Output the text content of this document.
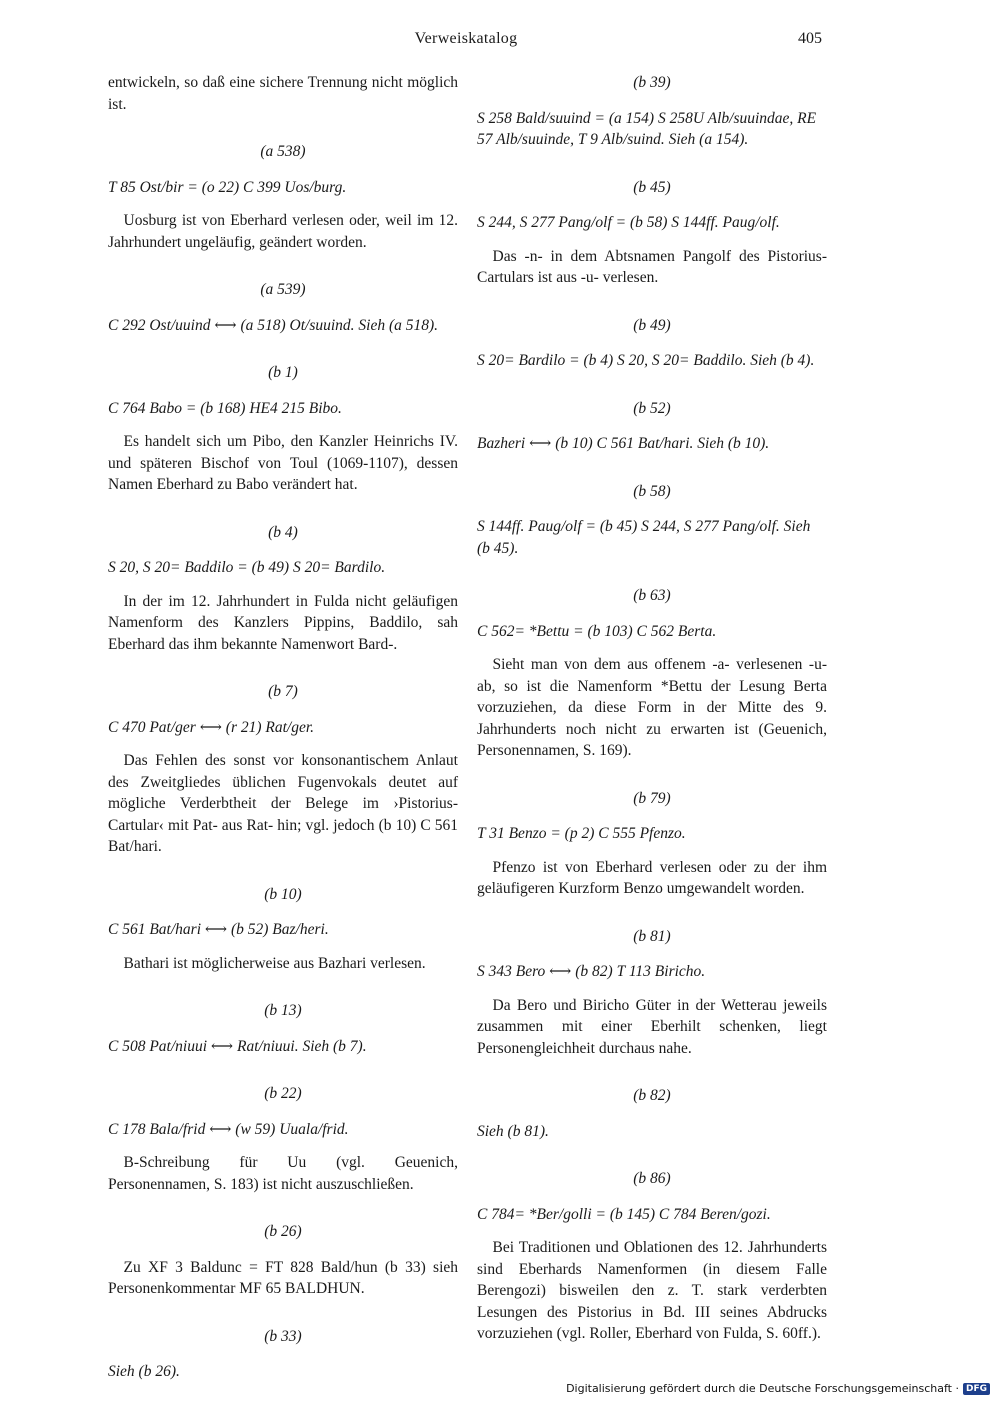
Verweiskatalog	405

entwickeln, so daß eine sichere Trennung nicht möglich ist.

(a 538)

T 85 Ost/bir = (o 22) C 399 Uos/burg.

Uosburg ist von Eberhard verlesen oder, weil im 12. Jahrhundert ungeläufig, geändert worden.

(a 539)

C 292 Ost/uuind ⟷ (a 518) Ot/suuind. Sieh (a 518).

(b 1)

C 764 Babo = (b 168) HE4 215 Bibo.

Es handelt sich um Pibo, den Kanzler Heinrichs IV. und späteren Bischof von Toul (1069-1107), dessen Namen Eberhard zu Babo verändert hat.

(b 4)

S 20, S 20= Baddilo = (b 49) S 20= Bardilo.

In der im 12. Jahrhundert in Fulda nicht geläufigen Namenform des Kanzlers Pippins, Baddilo, sah Eberhard das ihm bekannte Namenwort Bard-.

(b 7)

C 470 Pat/ger ⟷ (r 21) Rat/ger.

Das Fehlen des sonst vor konsonantischem Anlaut des Zweitgliedes üblichen Fugenvokals deutet auf mögliche Verderbtheit der Belege im ›Pistorius-Cartular‹ mit Pat- aus Rat- hin; vgl. jedoch (b 10) C 561 Bat/hari.

(b 10)

C 561 Bat/hari ⟷ (b 52) Baz/heri.

Bathari ist möglicherweise aus Bazhari verlesen.

(b 13)

C 508 Pat/niuui ⟷ Rat/niuui. Sieh (b 7).

(b 22)

C 178 Bala/frid ⟷ (w 59) Uuala/frid.

B-Schreibung für Uu (vgl. Geuenich, Personennamen, S. 183) ist nicht auszuschließen.

(b 26)

Zu XF 3 Baldunc = FT 828 Bald/hun (b 33) sieh Personenkommentar MF 65 BALDHUN.

(b 33)

Sieh (b 26).

(b 39)

S 258 Bald/suuind = (a 154) S 258U Alb/suuindae, RE 57 Alb/suuinde, T 9 Alb/suind. Sieh (a 154).

(b 45)

S 244, S 277 Pang/olf = (b 58) S 144ff. Paug/olf.

Das -n- in dem Abtsnamen Pangolf des Pistorius-Cartulars ist aus -u- verlesen.

(b 49)

S 20= Bardilo = (b 4) S 20, S 20= Baddilo. Sieh (b 4).

(b 52)

Bazheri ⟷ (b 10) C 561 Bat/hari. Sieh (b 10).

(b 58)

S 144ff. Paug/olf = (b 45) S 244, S 277 Pang/olf. Sieh (b 45).

(b 63)

C 562= *Bettu = (b 103) C 562 Berta.

Sieht man von dem aus offenem -a- verlesenen -u- ab, so ist die Namenform *Bettu der Lesung Berta vorzuziehen, da diese Form in der Mitte des 9. Jahrhunderts noch nicht zu erwarten ist (Geuenich, Personennamen, S. 169).

(b 79)

T 31 Benzo = (p 2) C 555 Pfenzo.

Pfenzo ist von Eberhard verlesen oder zu der ihm geläufigeren Kurzform Benzo umgewandelt worden.

(b 81)

S 343 Bero ⟷ (b 82) T 113 Biricho.

Da Bero und Biricho Güter in der Wetterau jeweils zusammen mit einer Eberhilt schenken, liegt Personengleichheit durchaus nahe.

(b 82)

Sieh (b 81).

(b 86)

C 784= *Ber/golli = (b 145) C 784 Beren/gozi.

Bei Traditionen und Oblationen des 12. Jahrhunderts sind Eberhards Namenformen (in diesem Falle Berengozi) bisweilen den z. T. stark verderbten Lesungen des Pistorius in Bd. III seines Abdrucks vorzuziehen (vgl. Roller, Eberhard von Fulda, S. 60ff.).

Digitalisierung gefördert durch die Deutsche Forschungsgemeinschaft · DFG
